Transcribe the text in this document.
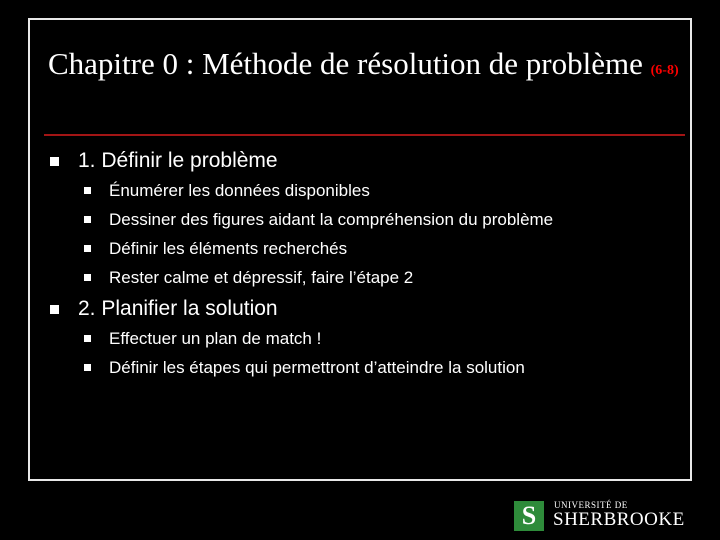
Chapitre 0 : Méthode de résolution de problème (6-8)
1. Définir le problème
Énumérer les données disponibles
Dessiner des figures aidant la compréhension du problème
Définir les éléments recherchés
Rester calme et dépressif, faire l’étape 2
2. Planifier la solution
Effectuer un plan de match !
Définir les étapes qui permettront d’atteindre la solution
S	UNIVERSITÉ DE
SHERBROOKE
